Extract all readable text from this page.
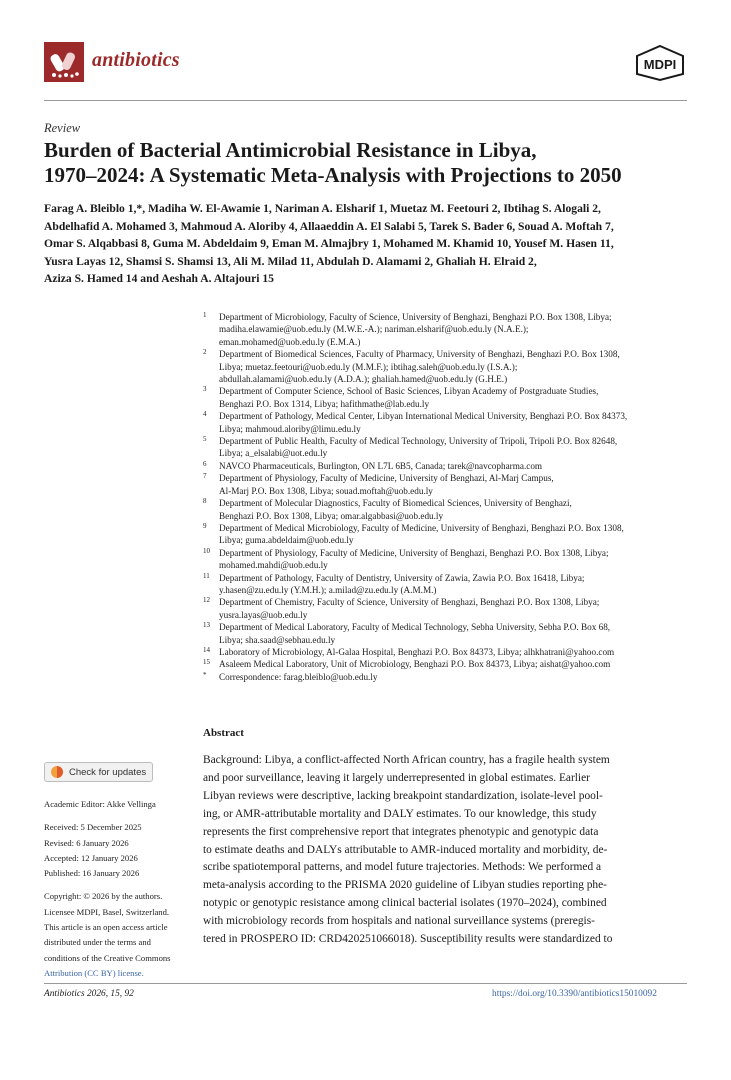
antibiotics	MDPI
Review
Burden of Bacterial Antimicrobial Resistance in Libya,
1970–2024: A Systematic Meta-Analysis with Projections to 2050
Farag A. Bleiblo 1,*, Madiha W. El-Awamie 1, Nariman A. Elsharif 1, Muetaz M. Feetouri 2, Ibtihag S. Alogali 2,
Abdelhafid A. Mohamed 3, Mahmoud A. Aloriby 4, Allaaeddin A. El Salabi 5, Tarek S. Bader 6, Souad A. Moftah 7,
Omar S. Alqabbasi 8, Guma M. Abdeldaim 9, Eman M. Almajbry 1, Mohamed M. Khamid 10, Yousef M. Hasen 11,
Yusra Layas 12, Shamsi S. Shamsi 13, Ali M. Milad 11, Abdulah D. Alamami 2, Ghaliah H. Elraid 2,
Aziza S. Hamed 14 and Aeshah A. Altajouri 15
1 Department of Microbiology, Faculty of Science, University of Benghazi, Benghazi P.O. Box 1308, Libya;
madiha.elawamie@uob.edu.ly (M.W.E.-A.); nariman.elsharif@uob.edu.ly (N.A.E.);
eman.mohamed@uob.edu.ly (E.M.A.)
2 Department of Biomedical Sciences, Faculty of Pharmacy, University of Benghazi, Benghazi P.O. Box 1308,
Libya; muetaz.feetouri@uob.edu.ly (M.M.F.); ibtihag.saleh@uob.edu.ly (I.S.A.);
abdullah.alamami@uob.edu.ly (A.D.A.); ghaliah.hamed@uob.edu.ly (G.H.E.)
3 Department of Computer Science, School of Basic Sciences, Libyan Academy of Postgraduate Studies,
Benghazi P.O. Box 1314, Libya; hafithmathe@lab.edu.ly
4 Department of Pathology, Medical Center, Libyan International Medical University, Benghazi P.O. Box 84373,
Libya; mahmoud.aloriby@limu.edu.ly
5 Department of Public Health, Faculty of Medical Technology, University of Tripoli, Tripoli P.O. Box 82648,
Libya; a_elsalabi@uot.edu.ly
6 NAVCO Pharmaceuticals, Burlington, ON L7L 6B5, Canada; tarek@navcopharma.com
7 Department of Physiology, Faculty of Medicine, University of Benghazi, Al-Marj Campus,
Al-Marj P.O. Box 1308, Libya; souad.moftah@uob.edu.ly
8 Department of Molecular Diagnostics, Faculty of Biomedical Sciences, University of Benghazi,
Benghazi P.O. Box 1308, Libya; omar.algabbasi@uob.edu.ly
9 Department of Medical Microbiology, Faculty of Medicine, University of Benghazi, Benghazi P.O. Box 1308,
Libya; guma.abdeldaim@uob.edu.ly
10 Department of Physiology, Faculty of Medicine, University of Benghazi, Benghazi P.O. Box 1308, Libya;
mohamed.mahdi@uob.edu.ly
11 Department of Pathology, Faculty of Dentistry, University of Zawia, Zawia P.O. Box 16418, Libya;
y.hasen@zu.edu.ly (Y.M.H.); a.milad@zu.edu.ly (A.M.M.)
12 Department of Chemistry, Faculty of Science, University of Benghazi, Benghazi P.O. Box 1308, Libya;
yusra.layas@uob.edu.ly
13 Department of Medical Laboratory, Faculty of Medical Technology, Sebha University, Sebha P.O. Box 68,
Libya; sha.saad@sebhau.edu.ly
14 Laboratory of Microbiology, Al-Galaa Hospital, Benghazi P.O. Box 84373, Libya; alhkhatrani@yahoo.com
15 Asaleem Medical Laboratory, Unit of Microbiology, Benghazi P.O. Box 84373, Libya; aishat@yahoo.com
* Correspondence: farag.bleiblo@uob.edu.ly
Abstract
Background: Libya, a conflict-affected North African country, has a fragile health system
and poor surveillance, leaving it largely underrepresented in global estimates. Earlier
Libyan reviews were descriptive, lacking breakpoint standardization, isolate-level pool-
ing, or AMR-attributable mortality and DALY estimates. To our knowledge, this study
represents the first comprehensive report that integrates phenotypic and genotypic data
to estimate deaths and DALYs attributable to AMR-induced mortality and morbidity, de-
scribe spatiotemporal patterns, and model future trajectories. Methods: We performed a
meta-analysis according to the PRISMA 2020 guideline of Libyan studies reporting phe-
notypic or genotypic resistance among clinical bacterial isolates (1970–2024), combined
with microbiology records from hospitals and national surveillance systems (preregis-
tered in PROSPERO ID: CRD420251066018). Susceptibility results were standardized to
Check for updates
Academic Editor: Akke Vellinga
Received: 5 December 2025
Revised: 6 January 2026
Accepted: 12 January 2026
Published: 16 January 2026
Copyright: © 2026 by the authors.
Licensee MDPI, Basel, Switzerland.
This article is an open access article
distributed under the terms and
conditions of the Creative Commons
Attribution (CC BY) license.
Antibiotics 2026, 15, 92	https://doi.org/10.3390/antibiotics15010092
